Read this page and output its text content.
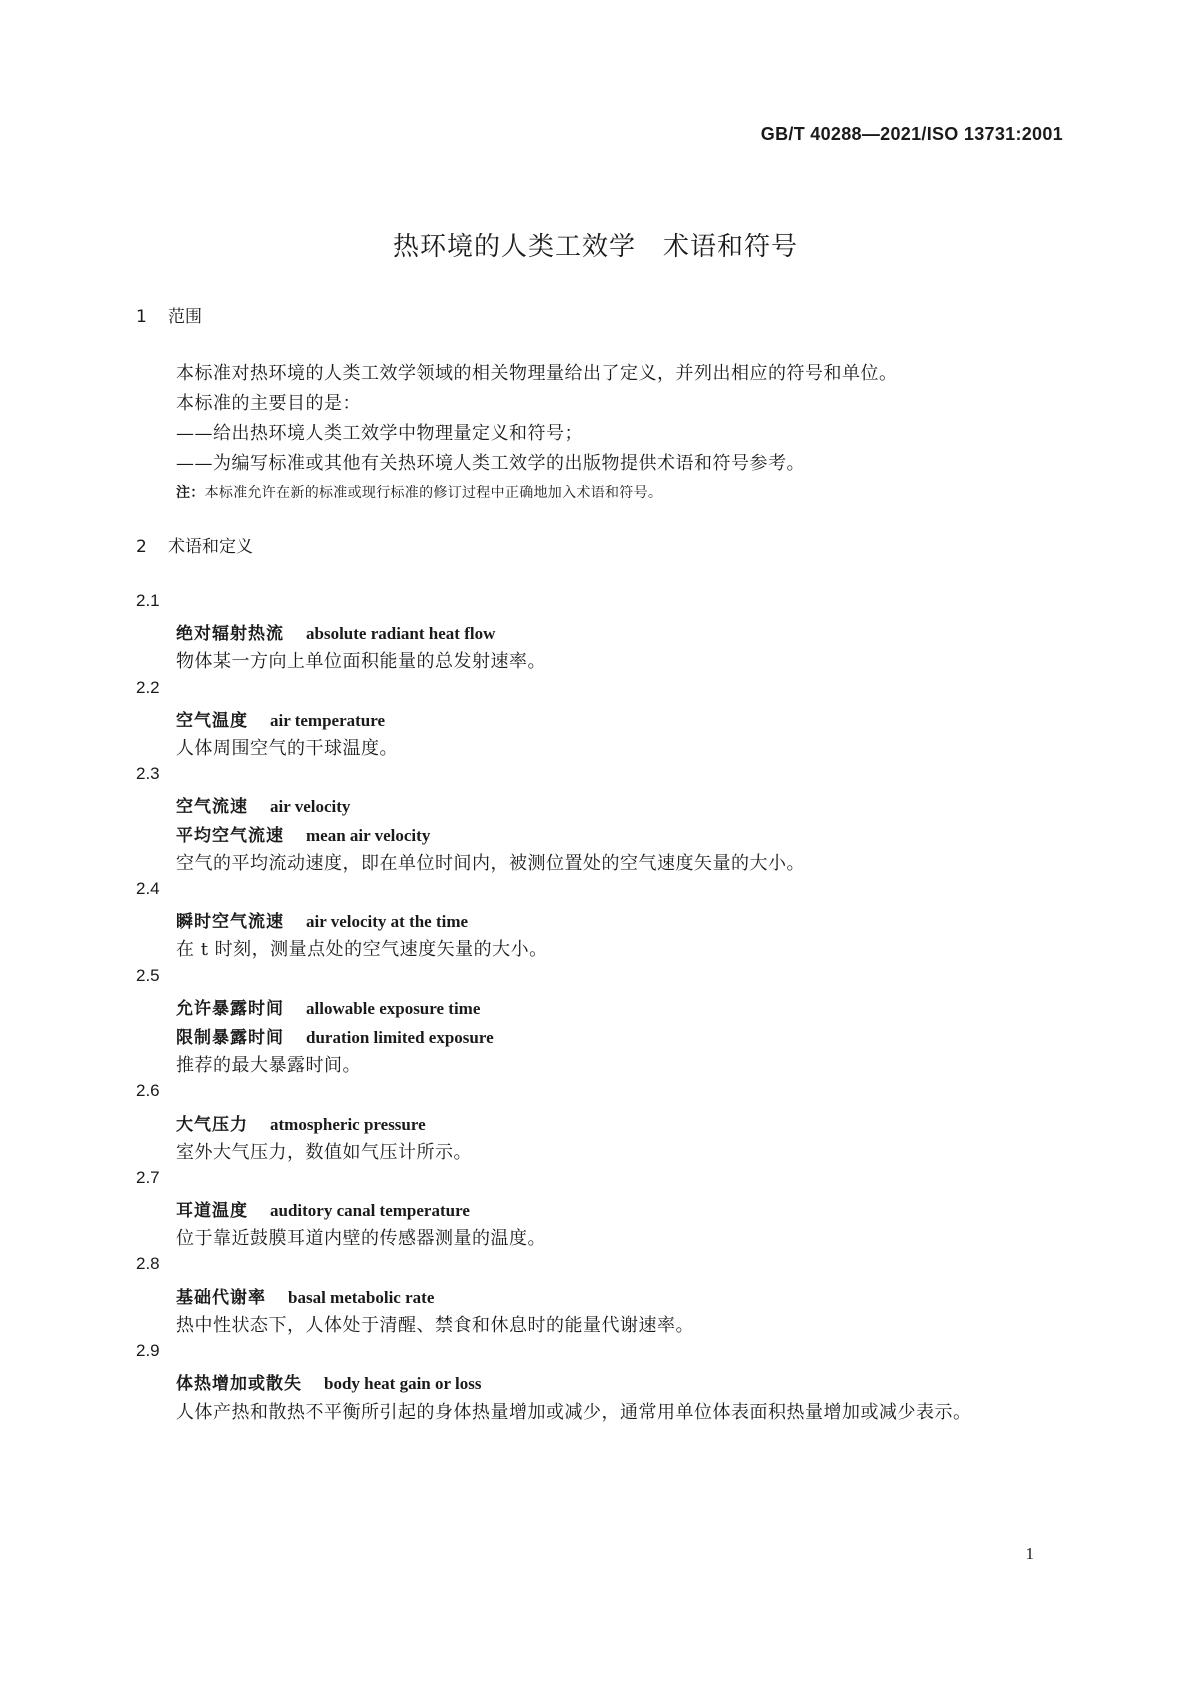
GB/T 40288—2021/ISO 13731:2001
热环境的人类工效学　术语和符号
1 范围
本标准对热环境的人类工效学领域的相关物理量给出了定义，并列出相应的符号和单位。
本标准的主要目的是：
——给出热环境人类工效学中物理量定义和符号；
——为编写标准或其他有关热环境人类工效学的出版物提供术语和符号参考。
注：本标准允许在新的标准或现行标准的修订过程中正确地加入术语和符号。
2 术语和定义
2.1
绝对辐射热流 absolute radiant heat flow
物体某一方向上单位面积能量的总发射速率。
2.2
空气温度 air temperature
人体周围空气的干球温度。
2.3
空气流速 air velocity
平均空气流速 mean air velocity
空气的平均流动速度，即在单位时间内，被测位置处的空气速度矢量的大小。
2.4
瞬时空气流速 air velocity at the time
在 t 时刻，测量点处的空气速度矢量的大小。
2.5
允许暴露时间 allowable exposure time
限制暴露时间 duration limited exposure
推荐的最大暴露时间。
2.6
大气压力 atmospheric pressure
室外大气压力，数值如气压计所示。
2.7
耳道温度 auditory canal temperature
位于靠近鼓膜耳道内壁的传感器测量的温度。
2.8
基础代谢率 basal metabolic rate
热中性状态下，人体处于清醒、禁食和休息时的能量代谢速率。
2.9
体热增加或散失 body heat gain or loss
人体产热和散热不平衡所引起的身体热量增加或减少，通常用单位体表面积热量增加或减少表示。
1
